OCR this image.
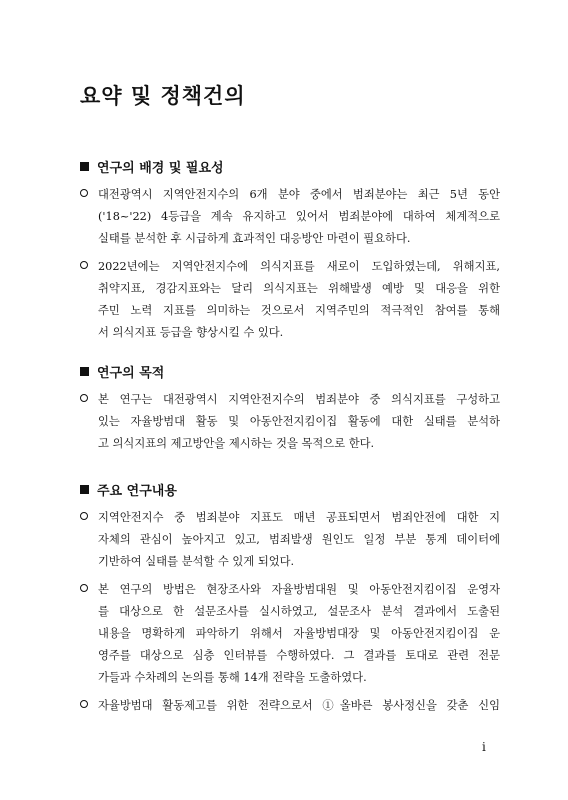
요약 및 정책건의
연구의 배경 및 필요성
대전광역시 지역안전지수의 6개 분야 중에서 범죄분야는 최근 5년 동안
('18~'22) 4등급을 계속 유지하고 있어서 범죄분야에 대하여 체계적으로
실태를 분석한 후 시급하게 효과적인 대응방안 마련이 필요하다.
2022년에는 지역안전지수에 의식지표를 새로이 도입하였는데, 위해지표,
취약지표, 경감지표와는 달리 의식지표는 위해발생 예방 및 대응을 위한
주민 노력 지표를 의미하는 것으로서 지역주민의 적극적인 참여를 통해
서 의식지표 등급을 향상시킬 수 있다.
연구의 목적
본 연구는 대전광역시 지역안전지수의 범죄분야 중 의식지표를 구성하고
있는 자율방범대 활동 및 아동안전지킴이집 활동에 대한 실태를 분석하
고 의식지표의 제고방안을 제시하는 것을 목적으로 한다.
주요 연구내용
지역안전지수 중 범죄분야 지표도 매년 공표되면서 범죄안전에 대한 지
자체의 관심이 높아지고 있고, 범죄발생 원인도 일정 부분 통계 데이터에
기반하여 실태를 분석할 수 있게 되었다.
본 연구의 방법은 현장조사와 자율방범대원 및 아동안전지킴이집 운영자
를 대상으로 한 설문조사를 실시하였고, 설문조사 분석 결과에서 도출된
내용을 명확하게 파악하기 위해서 자율방범대장 및 아동안전지킴이집 운
영주를 대상으로 심층 인터뷰를 수행하였다. 그 결과를 토대로 관련 전문
가들과 수차례의 논의를 통해 14개 전략을 도출하였다.
자율방범대 활동제고를 위한 전략으로서 ①올바른 봉사정신을 갖춘 신임
i
